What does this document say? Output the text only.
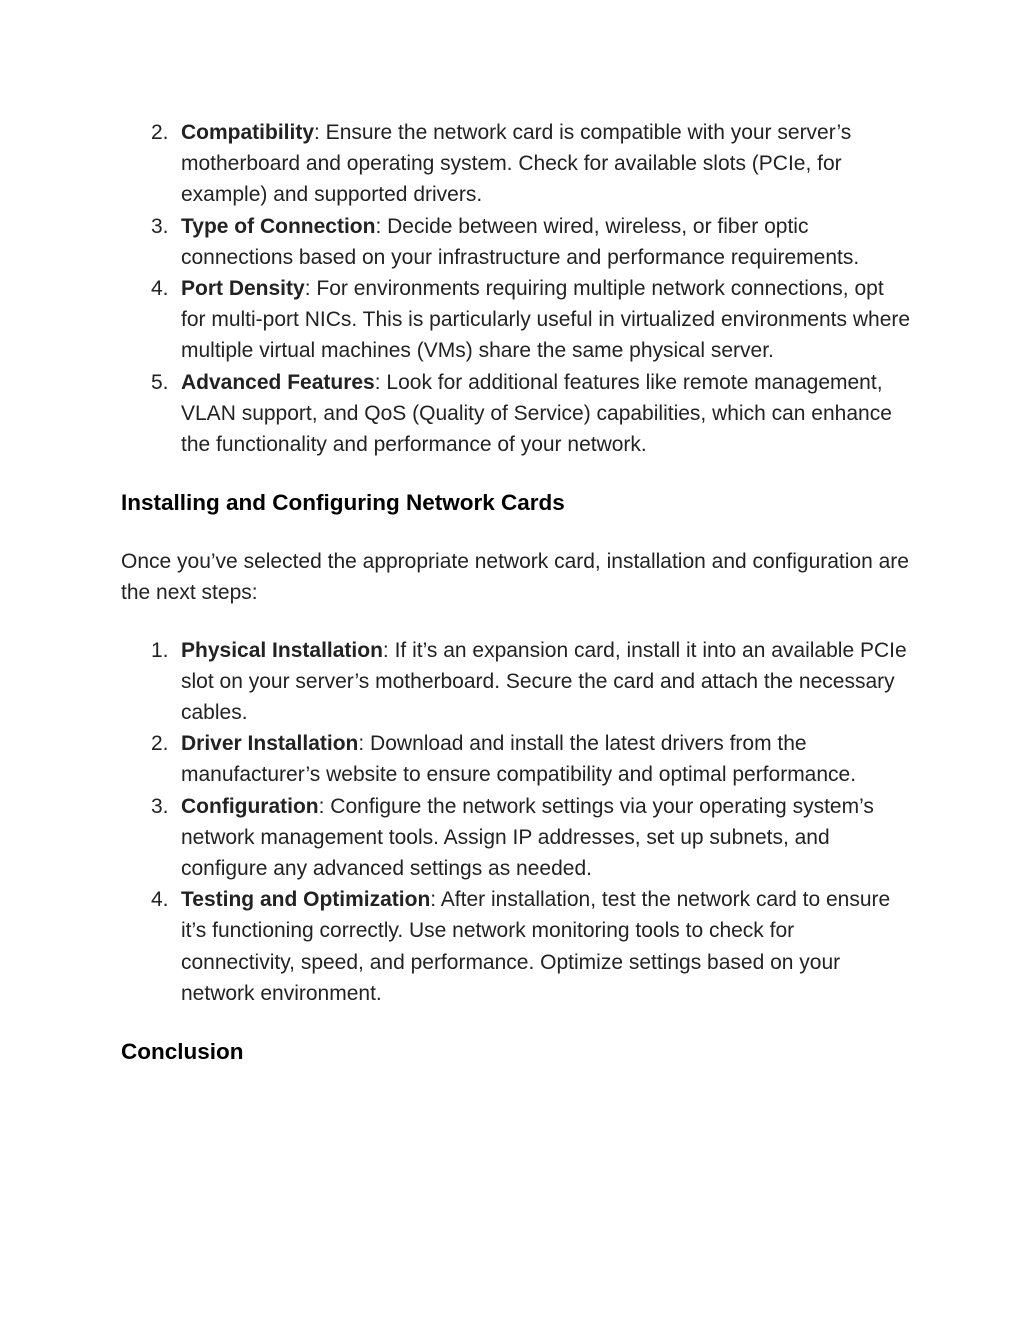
2. Compatibility: Ensure the network card is compatible with your server’s motherboard and operating system. Check for available slots (PCIe, for example) and supported drivers.
3. Type of Connection: Decide between wired, wireless, or fiber optic connections based on your infrastructure and performance requirements.
4. Port Density: For environments requiring multiple network connections, opt for multi-port NICs. This is particularly useful in virtualized environments where multiple virtual machines (VMs) share the same physical server.
5. Advanced Features: Look for additional features like remote management, VLAN support, and QoS (Quality of Service) capabilities, which can enhance the functionality and performance of your network.
Installing and Configuring Network Cards

Once you’ve selected the appropriate network card, installation and configuration are the next steps:

1. Physical Installation: If it’s an expansion card, install it into an available PCIe slot on your server’s motherboard. Secure the card and attach the necessary cables.
2. Driver Installation: Download and install the latest drivers from the manufacturer’s website to ensure compatibility and optimal performance.
3. Configuration: Configure the network settings via your operating system’s network management tools. Assign IP addresses, set up subnets, and configure any advanced settings as needed.
4. Testing and Optimization: After installation, test the network card to ensure it’s functioning correctly. Use network monitoring tools to check for connectivity, speed, and performance. Optimize settings based on your network environment.
Conclusion
